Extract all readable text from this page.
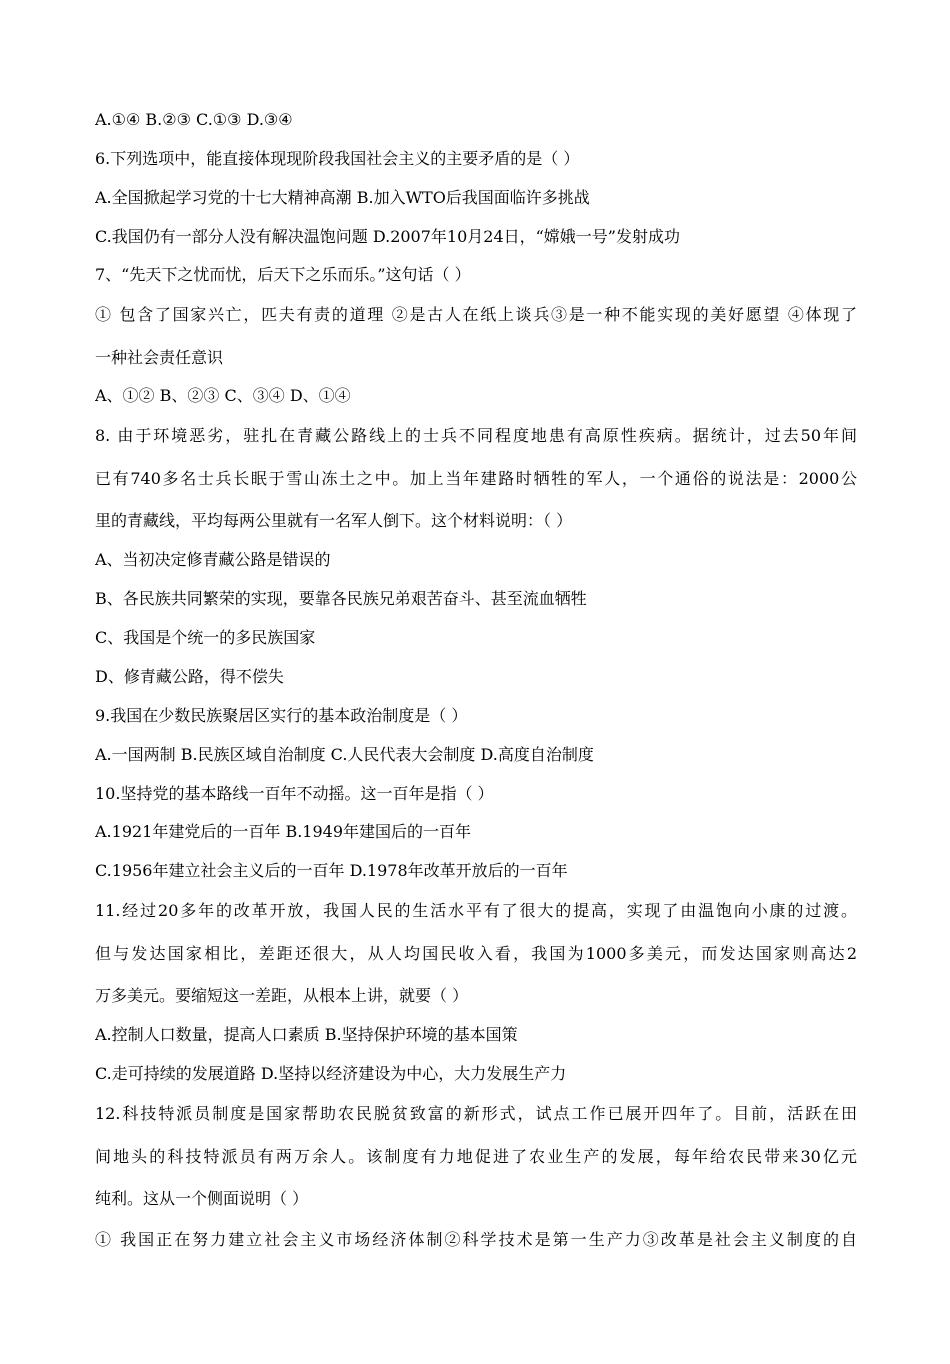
A.①④ B.②③ C.①③ D.③④
6.下列选项中，能直接体现现阶段我国社会主义的主要矛盾的是（ ）
A.全国掀起学习党的十七大精神高潮 B.加入WTO后我国面临许多挑战
C.我国仍有一部分人没有解决温饱问题 D.2007年10月24日，“嫦娥一号”发射成功
7、“先天下之忧而忧，后天下之乐而乐。”这句话（ ）
① 包含了国家兴亡，匹夫有责的道理 ②是古人在纸上谈兵③是一种不能实现的美好愿望 ④体现了
一种社会责任意识
A、①② B、②③ C、③④ D、①④
8. 由于环境恶劣，驻扎在青藏公路线上的士兵不同程度地患有高原性疾病。据统计，过去50年间
已有740多名士兵长眠于雪山冻土之中。加上当年建路时牺牲的军人，一个通俗的说法是：2000公
里的青藏线，平均每两公里就有一名军人倒下。这个材料说明：（ ）
A、当初决定修青藏公路是错误的
B、各民族共同繁荣的实现，要靠各民族兄弟艰苦奋斗、甚至流血牺牲
C、我国是个统一的多民族国家
D、修青藏公路，得不偿失
9.我国在少数民族聚居区实行的基本政治制度是（ ）
A.一国两制 B.民族区域自治制度 C.人民代表大会制度 D.高度自治制度
10.坚持党的基本路线一百年不动摇。这一百年是指（ ）
A.1921年建党后的一百年 B.1949年建国后的一百年
C.1956年建立社会主义后的一百年 D.1978年改革开放后的一百年
11.经过20多年的改革开放，我国人民的生活水平有了很大的提高，实现了由温饱向小康的过渡。
但与发达国家相比，差距还很大，从人均国民收入看，我国为1000多美元，而发达国家则高达2
万多美元。要缩短这一差距，从根本上讲，就要（ ）
A.控制人口数量，提高人口素质 B.坚持保护环境的基本国策
C.走可持续的发展道路 D.坚持以经济建设为中心，大力发展生产力
12.科技特派员制度是国家帮助农民脱贫致富的新形式，试点工作已展开四年了。目前，活跃在田
间地头的科技特派员有两万余人。该制度有力地促进了农业生产的发展，每年给农民带来30亿元
纯利。这从一个侧面说明（ ）
① 我国正在努力建立社会主义市场经济体制②科学技术是第一生产力③改革是社会主义制度的自
